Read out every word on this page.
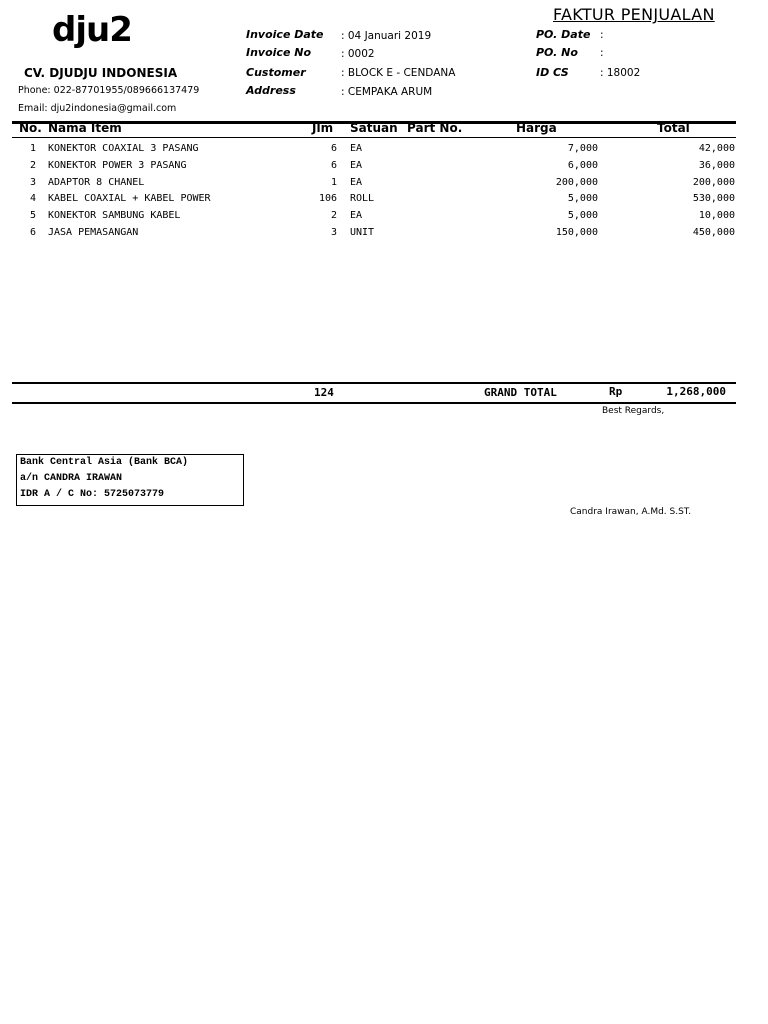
dju2
CV. DJUDJU INDONESIA
Phone: 022-87701955/089666137479
Email: dju2indonesia@gmail.com
Invoice Date : 04 Januari 2019
Invoice No	: 0002
Customer	: BLOCK E - CENDANA
Address	: CEMPAKA ARUM
FAKTUR PENJUALAN
PO. Date :
PO. No :
ID CS	: 18002
No. Nama Item	Jlm Satuan Part No.	Harga	Total
1 KONEKTOR COAXIAL 3 PASANG	6 EA	7,000	42,000
2 KONEKTOR POWER 3 PASANG	6 EA	6,000	36,000
3 ADAPTOR 8 CHANEL	1 EA	200,000	200,000
4 KABEL COAXIAL + KABEL POWER	106 ROLL	5,000	530,000
5 KONEKTOR SAMBUNG KABEL	2 EA	5,000	10,000
6 JASA PEMASANGAN	3 UNIT	150,000	450,000
124	GRAND TOTAL	Rp	1,268,000
Best Regards,
Candra Irawan, A.Md. S.ST.
Bank Central Asia (Bank BCA)
a/n CANDRA IRAWAN
IDR A / C No: 5725073779
